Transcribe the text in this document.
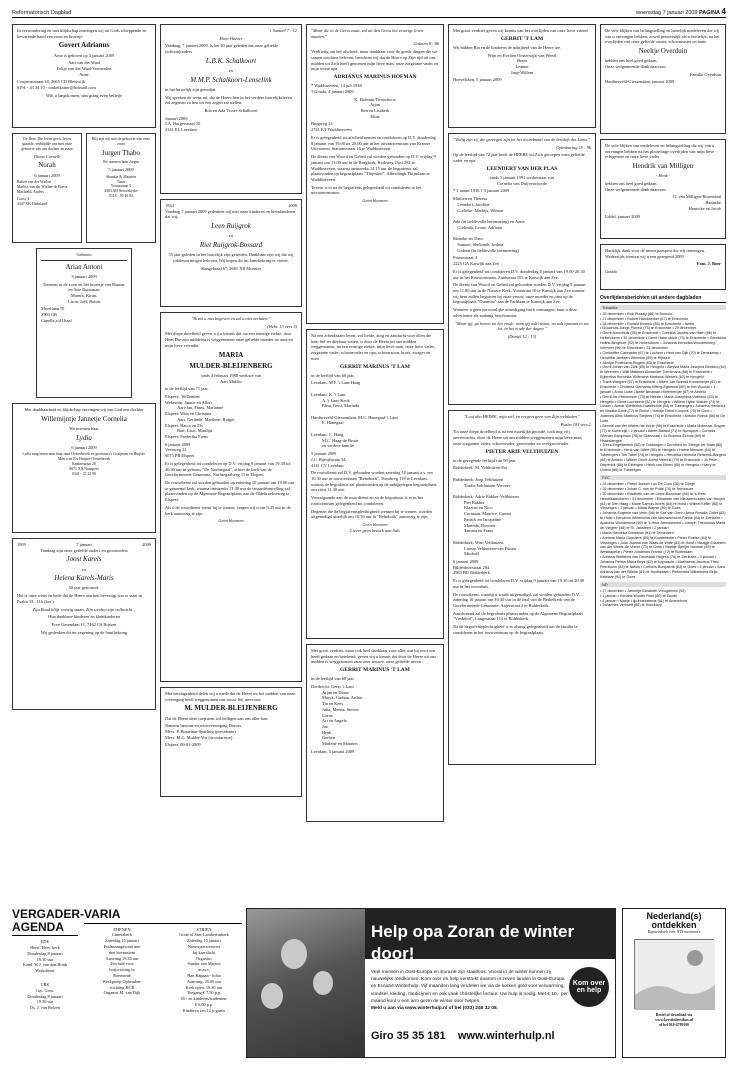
Reformatorisch Dagblad	woensdag 7 januari 2009 PAGINA 4

In verwondering en met blijdschap ontvingen wij uit Gods scheppende en bewarende hand een zoon en broertje

Govert Adrianus

Arno is geboren op 3 januari 2009

Aart van der Waal
Fokje van der Waal-Vermeulen
Anne

Couperusstraat 18, 2665 CD Bleiswijk
0191 - 43 34 10 - touketkarter@hotmail.com

Wilt u langskomen, dan graag even belletje

De Heer, Die leven geeft, leven spaarde, verblijdde ons met onze geboorte van ons dochter en zusje

Thona Cornelli

Norah

6 januari 2009

Ruben van der Wielen
Marliss van der Wielen-de Boesz
Machteld, Anders

Coasy 4
3347 XK Dirksland

Blij zijn wij met de geboorte van onze zoon

Jurgen Thabo

We noemen hem Jurgen

5 januari 2009

Shaukie & Maarten
Tanis
Vroonstraat 5
4383 AD Serooskerke
0118 - 59 40 84

Geboren

Arian Antoni

3 januari 2009

Namens in de zoon en het broertje van Rianne en Arie Ruissman
Marnix, Kiran,
Liron, Joël, Robin

Merellaan 70
2903 GB
Capelle a/d IJssel

Met dankbaarheid en blijdschap ontvingen wij van God een dochter

Willemijntje Jannetje Cornelia

We noemen haar

Lydia

6 januari 2009

Lydia mag heten naar haar oma Oosterbroek en grootoma's Cozijnsen en Huijser.
Marco en Els Huijser-Oosterbroek
Kuntzestraat 26
8071 XN Nunspeet
0341 - 25 23 90

1959	7 januari	2009

Vandaag zijn onze geliefde ouders en grootouders

Joost Karels

en

Helena Karels-Maris

50 jaar getrouwd.

Het is onze wens en bede dat de Heere aan hen bevestigt wat er staat in Psalm 33 : 11b (ber.):

Zijn Raad blijft eeuwig staan, Zijn werken zijn volbracht...

Hun dankbare kinderen en kleinkinderen

Erve Gesendam 11, 7462 CS Rijssen

Wij gedenken dit ter zegening op de familiekring

1 Samuël 7 : 12

Eben-Haëzer

Vandaag, 7 januari 2009, is het 40 jaar geleden dat onze geliefde (schoon)ouders

L.B.K. Schalkoort

en

M.M.P. Schalkoort-Lenselink

in het huwelijk zijn getreden.

Wij spreken de wens uit, dat de Heere hen in het verdere huwelijksleven zal zegenen en hen tot een zegen zal stellen.

Rob en Ada Visser-Schalkoort

Januari 2009
J.A. Burgerstraat 20
4141 EL Leerdam

1934	2009

Vandaag 7 januari 2009 gedenken wij met onze kinderen en kleinkinderen dat wij,

Leen Ruijgrok

en

Riet Ruijgrok-Bossard

55 jaar geleden in het huwelijk zijn getreden. Dankbaar zijn wij dat wij jubileum mogen beleven. Wij hopen dit im familiekring te vieren.

Slangekraal 67, 2681 XR Monster

"Ik zal u niet begeven en zal u niet verlaten."

(Hebr. 13 vers 5)

Met diepe droefheid geven wij u kennis dat, na een ernstige ziekte, door Hem Die zijn middelen is weggenomen onze geliefde moeder en oma en mijn lieve vriendin

MARIA

MULDER-BLEIJENBERG

sinds 4 februari 1988 weduwe van
Aart Mulder

in de leeftijd van 71 jaar.

Elspeet:  Willemien
Wekerom: Jannie en Allert
Aart-Jan, Frans, Marianne
Elspeet: Wim en Christina
Aart, Gertinde, Marilene, Rutger
Elspeet: Harco en Els
Bart, Lisei, Marilijn
Elspeet: Frederika Frens

6 januari 2009
Veenweg 31
6075 PR Elspeet

Er is gelegenheid tot condoleren op D.V. vrijdag 9 januari van 19.30 tot 20.30 uur in gebouw "De Nachtegaal", achter de kerk van de Gereformeerde Gemeente, Nachtegaalweg 11 te Elspeet.

De rouwdienst zal worden gehouden op zaterdag 10 januari om 10.00 uur in genoemd kerk, waarna omstreeks 11.30 uur de teraardebestelling zal plaatsvinden op de Algemene Begraafplaats aan de Oldebroekseweg te Elspeet.

Als u de rouwdienst wenst bij te wonen, vragen wij u om 9.45 uur in de kerk aanwezig te zijn.

Geen bloemen

Met verslagenheid delen wij u mede dat de Heere uit het midden van onze vereniging heeft weggenomen ons trouw lid, mevrouw

M. MULDER-BLEIJENBERG

Dat de Heere deze roepstem wil heiligen aan ons aller hart.

Namens bestuur en rouwvereniging Dorcas,
Mevr. P. Bosteinar-Sparling (presidente)
Mevr. M.C. Mulder-Vos (secretaresse)

Elspeet, 06-01-2009

"Maar die in de Geest zaait, zal uit den Geest het eeuwige leven maaien."

Galaten 6 : 8b

Verdrietig om het afscheid, maar dankbaar voor de goede dingen die we samen mochten beleven, berichten wij dat de Heere op Zijn tijd uit ons midden tot Zich heeft genomen mijn lieve man, onze zorgzame vader en mijn trotse opa

ADRIANUS MARINUS HOFMAN

* Waddinxveen, 14 juli 1938
† Gouda, 4 januari 2009

K. Hofman-Trouwborst
Arjan
Ben en Lisabeth
Eline

Brugweg 13
2741 KT Waddinxveen

Er is gelegenheid tot afscheid nemen en condoleren op D.V. donderdag 8 januari van 19.00 tot 20.00 uur in het uitvaartcentrum van Kramer Uitvaarten, Stationsstraat 16 te Waddinxveen.

De dienst van Woord en Gebed zal worden gehouden op D.V. vrijdag 9 januari om 13.00 uur in de Brugkerk, Kerkweg Oost 282 te Waddinxveen, waarna omstreeks 14.15 uur de begrafenis zal plaatsvinden op begraafplaats "Thijmhof", Alberdingk Thijmlaan te Waddinxveen.

Tevens is er na de begrafenis gelegenheid tot condoleren in het uitvaartcentrum.

Geen bloemen

Na een arbeidzaam leven, vol liefde, zorg en aandacht voor allen die hem lief en dierbaar waren, is door de Heere uit ons midden weggenomen, na een ernstige ziekte, mijn lieve man, onze lieve vader, zorgzame vader, schoonvader en opa, schoonzoon, broer, zwager en oom

GERRIT MARINUS 'T LAM

in de leeftijd van 60 jaar.

Leerdam: M.F. 't Lam-Haag

Leerdam: K. 't Lam
A. 't Lam-Steck
Elisa, Gerti, Marinda

Hardinxveld-Giessendam: M.C. Hanegaaf-'t Lam
E. Hanegaaf

Leerdam: C. Haag
M.C. Haag-de Bruin
en verdere familie

5 januari 2009
J.C. Bijnijfstraat 34
4141 CV Leerdam

De rouwdienst zal D.V. gehouden worden zaterdag 10 januari a.s. om 10.30 uur in rouwcentrum "Rehoboth", Tiendweg 118 te Leerdam, waarna de begrafenis zal plaatsvinden op de nabijgelegen begraafplaats om circa 11.30 uur.

Voorafgaande aan de rouwdienst en na de begrafenis is er in het rouwcentrum gelegenheid tot condoleren.

Degenen die de begrafenisplechtigheid wensen bij te wonen, worden uitgenodigd uiterlijk om 10.30 uur in "Rehoboth" aanwezig te zijn.

Geen bloemen
Liever geen bezoek aan huis

Met groot verdriet, maar ook heel dankbaar voor alles wat hij voor ons heeft gedaan en betekend, geven wij u kennis dat door de Heere uit ons midden is weggenomen onze zeer trouwe, onze geliefde neven

GERRIT MARINUS 'T LAM

in de leeftijd van 60 jaar.

Dordrecht: Gerry 't Lam
Arjan en Diane
Maryk, Gudian, Arthur
Tin en Kees
Julia, Meena, Steven
Corno
Ari en Angela
Joo
Henk
Gerben
Marlene en Maarten

Leerdam, 5 januari 2009

Met groot verdriet geven wij kennis van het overlijden van onze lieve vriend

GERRIT 'T LAM

Wij bidden Bia en de kinderen de nabijheid van de Heere toe.

Wim en Evelien Oosterwijk-van Weezl
Bram
Leanne
Jaap-Willem

Hoevelaken, 5 januari 2009

"Zalig zijn zij, die gereegen zijn tot het avondmaal van de bruiloft des Lams."

Openbaring 19 : 9b

Op de leeftijd van 72 jaar heeft de HEERE tot Zich geroepen onze geliefde vader en opa

LEENDERT VAN DER PLAS

sinds 5 januari 1991 weduwnaar van
Cornelia van Duijvenvoorde

* 1 maart 1936 † 5 januari 2009

Martien en Theresa
Leendert, Jacoline
Corlieke, Mathijs, Wilmar

Ada (in liefdevolle herinnering) en Anne
Corlinda, Leone, Adriaan

Rieneke en Theo
Samuel, Shekinah, Joshua
Gideon (in liefdevolle herinnering)

Prinsestraat 4
2225 GA Katwijk aan Zee

Er is gelegenheid tot condoleren D.V. donderdag 8 januari van 19.00-20.30 uur in het Rouwcentrum, Zuidstraat 103 te Katwijk aan Zee.

De dienst van Woord en Gebed zal gehouden worden D.V. vrijdag 9 januari om 11.00 uur in de Nieuwe Kerk, Voorstraat 10 te Katwijk aan Zee waarna wij hem zullen begraven bij onze vrouw, onze moeder en oma op de begraafplaats "Duinrust" aan de Parklaan te Katwijk aan Zee.

Wanneer u geen persoonlijke uitnodiging heeft ontvangen, kunt u deze advertentie als zodanig beschouwen.

"Maar gij, ga henen tot het einde, want gij zult rusten, en zult opstaan in uw lot, in het einde der dagen."

(Daniël 12 : 13)

"Loof den HEERE, mijn ziel, en vergeet geen van Zijn weldaden."

Psalm 103 vers 2

Tot onze diepe droefheid is na een moeilijke periode, toch nog vrij onverwachts, door de Heere uit ons midden weggenomen mijn lieve man, onze zorgzame vader, schoonvader, grootvader en overgrootvader

PIETER ARIE VELTHUIZEN

in de gezegende leeftijd van 90 jaar.

Ridderkerk: M. Velthuizen-Pot

Ridderkerk: Joop Velthuizen
Trudie Velthuizen-Verveer

Ridderkerk: Adrie Bakker-Velthuizen
Piet Bakker
Klazine en Nico
Corinaan, Maurice, Carina
Patrick en Jacqueline
Marinda, Rowena
Tamara en Frans

Ridderkerk: Wim Velthuizen
Lisette Velthuizen-van Putten
Mitchell

6 januari 2009
Bilderdonrstraat 204
2983 BD Ridderkerk

Er is gelegenheid tot condoleren D.V. vrijdag 9 januari van 19.30 tot 20.30 uur in het woonhuis.

De rouwdienst, waarbij u wordt uitgenodigd, zal worden gehouden D.V. zaterdag 10 januari om 10.30 uur in de zaal van de Bethelkerk van de Gereformeerde Gemeente, Anjerstraat 2 te Ridderkerk.

Aansluitend zal de begrafenis plaatsvinden op de Algemene Begraafplaats "Vredehof", Langestraat 114 te Ridderkerk.

Na de begrafenisplechtigheid is er alsnog gelegenheid om de familie te condoleren in het rouwcentrum op de begraafplaats.

De vele blijken van belangstelling en hartelijk medeleven die wij van u ontvingen hebben, zowel persoonlijk als schriftelijk, na het overlijden van onze geliefde zuster, schoonzuster en tante

Neeltje Overduin

hebben ons heel goed gedaan.
Onze welgemeende dank daarvoor.

Familie Overduin

Hardinxveld-Giessendam, januari 2009

De vele blijken van medeleven en belangstelling die wij van u ontvangen hebben na het plotselinge overlijden van mijn lieve echtgenote en onze lieve vader

Hendrik van Milligen

- Henk -

hebben ons heel goed gedaan.
Onze welgemeende dank daarvoor.

G. van Milligen-Rozendaal
Hanneke
Henricke en Jacob

Uddel, januari 2009

Hartelijk dank voor de nieuwjaarspost die wij ontvingen.
Wederzijds wensen wij u een gezegend 2009.

Fam. J. Boer

Gouda

Overlijdensberichten uit andere dagbladen
Tubantia
• 25 december • Rob Pizaaly (88) te Borculo
• 27 december • Robert Handwerker (87) te Enschede
• 28 december • Ronald Everink (56) te Enschede • Iwebe
• Bouwhuis-Junge Porrink (75) te Enschede • 29 december
• Gerrit Noordhuis (93) te Enschede • Corelina Jacobs-van Harn (86) te Hellendoorn • 30 december • Gerrit Hane-dirink (79) te Enschede • Gerritdina Holink-Berghuer (92) te Hellendoorn • Johanna Hendrika Woudenberg-Vermeer (96) te Enschede • 31 december
• Christoffer Cancaster (67) te Lochem • Hent van Dijk (70) te Denekamp • Hendrika Janssen-Weenink (89) te Rijssen
• Jannjie Posthuma-Rogatti (83) te Enschede
• Gerrit Johan van Zalk (80) te Hengelo • Aleysia Maria Josepha Beckinq (82) te Weerden • Willi Matthias Alexander Tiemtmans (88) te Enschede • Egbertina Hendrika Willemina Martinus-Winters (62) te Hengelo
• Trans Wargers (67) te Enschede • Albert Jan Boerad Kronemeijer (82) te Enschede • Christina Gerharda Effting-Egberink (89) te Het Woolde • 1 januari • Anna Luise Lisette Bestman-Hinterberger (87) te Almelo
• Gerrit Jan Helmerson (75) te Neede • Maria Josephina Volkland (83) te Hengelo • Gerrit Loorbeeur (82) te Hengelo • Willem Hylke Walder (74) te Losser • Aleide Wiefferink-Haselhofde (94) te Tubbergen • Johanna Hendrica ter Braake-Brink (72) te Borne • Helotje Drent-Koopink (70) te Goor • Joannes Alfric Martinus Sleijters (76) te Enschede • Antoon Roeck (86) te De Lutte
• Bennie van der Wielen ter Horst (90) te Enschede • Maria Molenaar-Snyper (77) te Kortereijk • 2 januari • Albert Baltast (71) te Nunspeet • Cornelis Wierder Kampman (78) te Oldenzaal • Jo Boerma-Ezhuis (89) te Haaksbergen
• Trees Engelbertink (83) te Tubbergen • Dorothea ter Steege-ter Maat (85) te Enschede • Henk van Ulfert (85) te Hengelo • Harrie Menuen (64) te Tubbergen • Ton Tabel (74) te Hengelo • Hendrika Hermina Reiterink-Bargers (83) te Almelo • Willem Gerrit Arend Veerink (79) te Enschede • Jo Pelle-Dieperink (86) te Eibergen • Henk van Eibert (85) te Hengelo • Harry te Lintelo (88) te Tubbergen
PZC
• 29 december • Pieter Joseph Lou De Cock (26) te Clinge
• 29 december • Johan C. van de Potte (74) te Ternezuze
• 30 december • Elisabeth van de Linde-Bozeman (86) te 's-Heer Hendrikskinderen • 31 december • Elisabeth van Nieuwenhuizen-van Bruyne (83) te Den Haag • Marie Samun-Invers (84) te Hulst • Willem Keller (85) te Vlissingen • 1 januari • Maria Wapse (89) te Goes
• Johanna Eugenie van Veen (98) te Sas van Gent • Anna Rosalia Collet (83) te Hulst • Hendrina Wilhelmina van Nieuwenhuize-Fanhe (94) te Zierikzee • Apolonia Wondersma (69) te 's-Heer Arendskerke • Joseph Theodorus Maria de Vlegeer (58) te St. Jansteen • 2 januari
• Maria Hendrika Dieleman (81) te Terneuzen
• Adriana Maria Goosliers (85) te Koudekerke • Pieter Roelse (84) te Vlissingen • Julia Joanna van Waas-de Witte (83) te Hulst • Maagje Elizabeth van der Weele-de Vrieze (73) te Goes • Neeltje Speijer-Heiman (89) te Westkapelle • Pieter Johannes Franse (72) te Rotterdam
• Adriana Steffelina van Doorslaar-Huijens (76) te Zierikzee • 3 januari • Johanna Petrus Maria Boys (62) te Kapwacht • Matthaeus Jacobus Theo Peerboom (83) te Nieuw • Cornelis Bongaerts (83) te Goes • 4 januari • Sara Adriana van der Silleke (81) te Hoofdplaat • Pieternella Wilhelmina Beije-Ketelaar (92) te Goes
ND
• 27 december • Jannetje Elizabeth Vreugdenhil (92)
• 1 januari • Hendrik Wouter Roel (80) te Zwolle
• 4 januari • Marije Lijp-Hoekstema (81) te Amersfoort
• Johannes Verhoeff (85) te Hooddorp
VERGADER-AGENDA
EDE
Herst. Herv. kerk
Donderdag 8 januari
19.30 uur
Kand. W.J. van den Brink
Werkdienst
URK
Ger. Gem.
Donderdag 8 januari
19.30 uur
Ds. J. van Belzen
VARIA
EHENEN
Cuneraberk
Zaterdag 10 januari
Psalmzangavond met
met bovenstem
Aanvang 19.30 uur
Ten bate voor
huijsvesting in
Roemenië
Werkgroep Ophenden-
stichting HCR
Organist M. van Dijk
STRIEN
Grote of Sint-Lambertuskerk
Zaterdag 10 januari
Nieuwjaarsconcert
bij kaarslicht
Organist:
Sander van Marion
m.m.v.
Han Kapaan - hobo
Aanvang: 20.00 uur
Kerk open: 19.30 uur
Toegang € 7,50 p.p.
65+ en kinderen/studenten:
€ 6,00 p.p.
Kinderen t/m 12 jr gratis
Help opa Zoran de winter door!
Veel mensen in Oost-Europa en Eurazië zijn staatloos. Vooral in de winter kunnen zij nauwelijks rondkomen. Kom over en help verstrekt daarom in zeven landen in Oost-Europa en Eurazië Winterhulp. Vijf maanden lang verdelen we via de kerken geld voor verwarming, voedsel, kleding, medicijnen en ook vaak christelijke lectuur. Uw hulp is nodig. Met € 10,- per maand kunt u een arm gezin de winter door helpen.
Meld u aan via www.winterhulp.nl of bel (033) 246 32 08.
Giro 35 35 181 www.winterhulp.nl
Kom over en help
Nederland(s) ontdekken
Kapiteinboek voor NTS-mentrout's
Bestel of download via
www.kerstinfeestbox.nl
of bel 010-4709190
